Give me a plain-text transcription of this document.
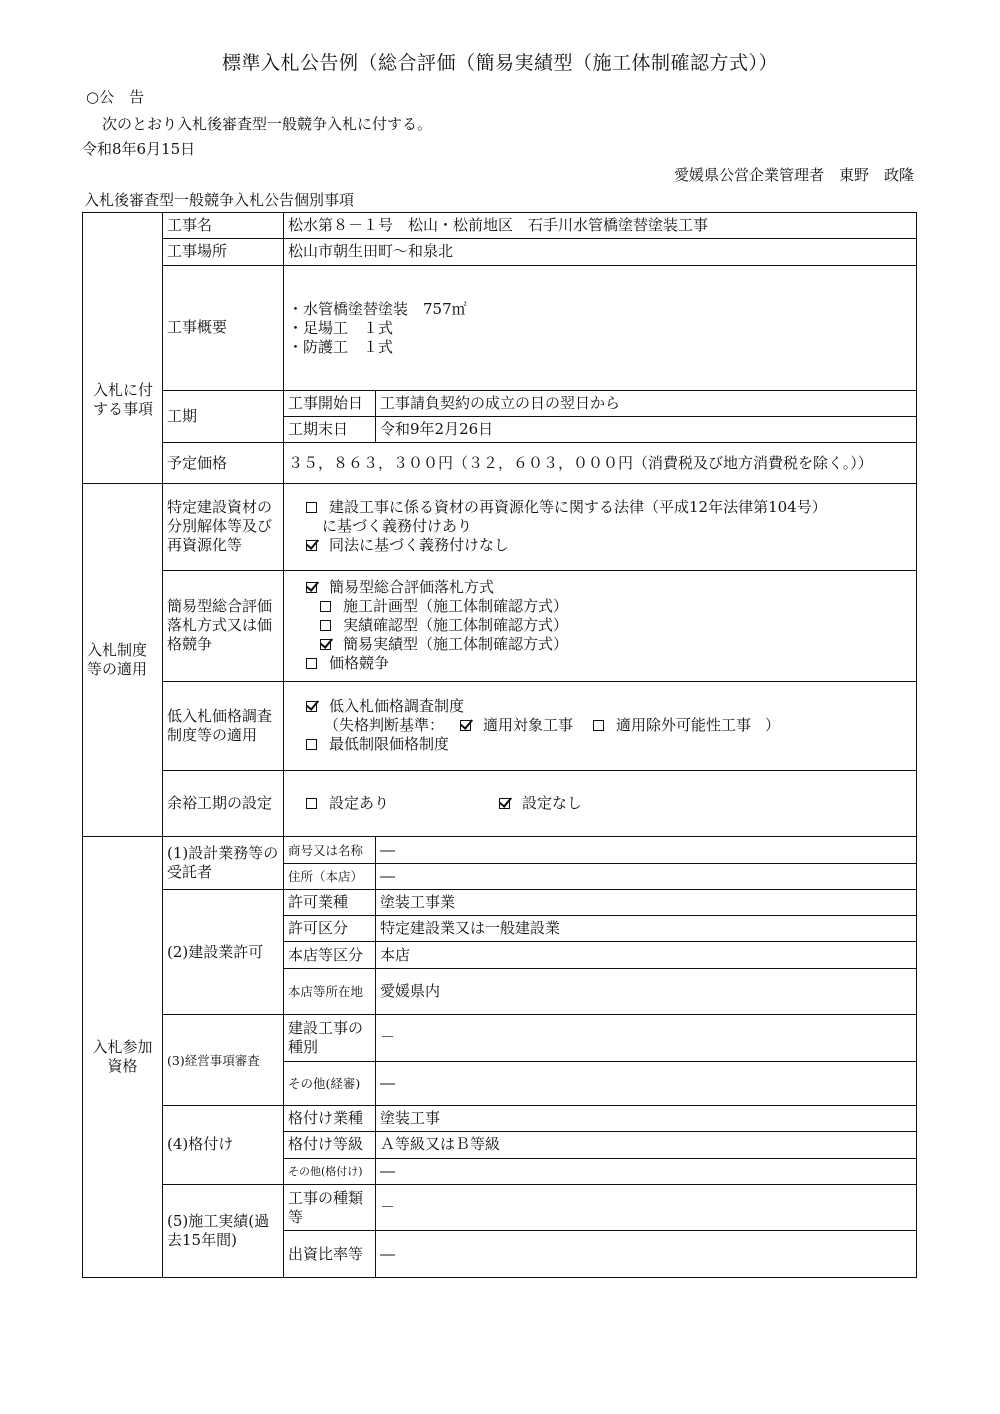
標準入札公告例（総合評価（簡易実績型（施工体制確認方式））
○公　告
次のとおり入札後審査型一般競争入札に付する。
令和8年6月15日
愛媛県公営企業管理者　東野　政隆
入札後審査型一般競争入札公告個別事項
入札に付する事項	工事名	松水第８－１号　松山・松前地区　石手川水管橋塗替塗装工事	
	工事場所	松山市朝生田町～和泉北	
	工事概要	・水管橋塗替塗装　757㎡
・足場工　１式
・防護工　１式	

	工期	工事開始日	工事請負契約の成立の日の翌日から
		工期末日	令和9年2月26日
	予定価格	３５，８６３，３００円（３２，６０３，０００円（消費税及び地方消費税を除く。））	
入札制度等の適用	特定建設資材の分別解体等及び再資源化等	建設工事に係る資材の再資源化等に関する法律（平成12年法律第104号）
に基づく義務付けあり
同法に基づく義務付けなし	

	簡易型総合評価落札方式又は価格競争	簡易型総合評価落札方式
施工計画型（施工体制確認方式）
実績確認型（施工体制確認方式）
簡易実績型（施工体制確認方式）
価格競争	

	低入札価格調査制度等の適用	低入札価格調査制度
（失格判断基準： 適用対象工事 適用除外可能性工事 ）
最低制限価格制度	

	余裕工期の設定	設定あり 設定なし	

入札参加資格	(1)設計業務等の受託者	商号又は名称	―
		住所（本店）	―
	(2)建設業許可	許可業種	塗装工事業
		許可区分	特定建設業又は一般建設業
		本店等区分	本店
		本店等所在地	愛媛県内
	(3)経営事項審査	建設工事の種別	－
		その他(経審)	―
	(4)格付け	格付け業種	塗装工事
		格付け等級	Ａ等級又はＢ等級
		その他(格付け)	―
	(5)施工実績(過去15年間)	工事の種類等	－
		出資比率等	―
